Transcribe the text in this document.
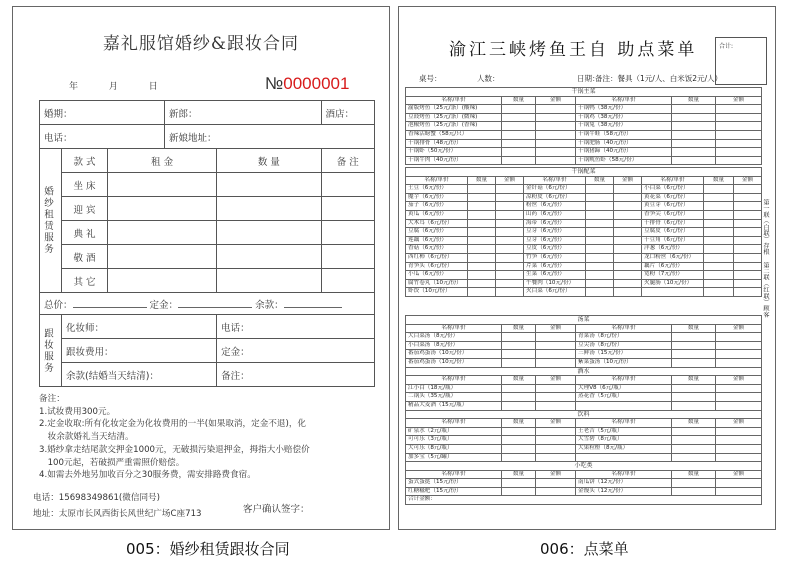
嘉礼服馆婚纱&跟妆合同
年	月	日	№0000001
婚期：			新郎：		酒店：
电话：			新娘地址：		

婚纱租赁服务	款 式	租 金		数 量	备 注
	坐 床				
	迎 宾				
	典 礼				
	敬 酒				
	其 它				
总价： 定金： 余款：					

跟妆服务	化妆师：			电话：	
	跟妆费用：			定金：	
	余款(结婚当天结清)：			备注：	
备注：
1.试妆费用300元。
2.定金收取:所有化妆定金为化妆费用的一半(如果取消，定金不退)，化
　妆余款婚礼当天结清。
3.婚纱拿走结尾款交押金1000元，无破损污染退押金，拇指大小赔偿价
　100元起，若破损严重需照价赔偿。
4.如需去外地另加收百分之30服务费，需安排路费食宿。
电话：15698349861(微信同号)
地址：太原市长风西街长风世纪广场C座713	客户确认签字：
渝江三峡烤鱼王自 助点菜单	合计:
桌号：	人数：	日期：
备注：餐具（1元/人、白米饭2元/人）
干锅主菜					
名称/单价	数量	金额	名称/单价	数量	金额
渝版烤鱼（25元/条）(酸辣)			干锅鸭（38元/份）		
豆豉烤鱼（25元/条）(微辣)			干锅鸡（38元/份）		
泡椒烤鱼（25元/条）(香辣)			干锅兔（38元/份）		
香辣活螃蟹（58元/只）			干锅牛蛙（58元/份）		
干锅排骨（48元/份）			干锅肥肠（40元/份）		
干锅虾（50元/份）			干锅猪蹄（40元/份）		
干锅牛肉（40元/份）			干锅鱿鱼虾（58元/份）		
干锅配菜								
名称/单价	数量	金额	名称/单价	数量	金额	名称/单价	数量	金额
土豆（6元/份）			金针菇（6元/份）			小白菜（6元/份）		
魔芋（6元/份）			凉粉皮（6元/份）			黄花菜（6元/份）		
茄子（6元/份）			粉丝（6元/份）			黄豆芽（6元/份）		
黄瓜（6元/份）			山药（6元/份）			香笋尖（6元/份）		
大木耳（6元/份）			海带（6元/份）			干排骨（6元/份）		
豆腐（6元/份）			豆芽（6元/份）			豆腐皮（6元/份）		
莲藕（6元/份）			豆芽（6元/份）			干豆角（6元/份）		
香菇（6元/份）			豆皮（6元/份）			洋葱（6元/份）		
西红柿（6元/份）			竹笋（6元/份）			龙口粉丝（6元/份）		
青笋头（6元/份）			芹菜（6元/份）			藕片（6元/份）		
小瓜（6元/份）			生菜（6元/份）			宽粉（7元/份）		
腐竹卷丸（10元/份）			午餐肉（10元/份）			火腿肠（10元/份）		
虾饺（10元/份）			火白菜（6元/份）					
汤菜					
名称/单价	数量	金额	名称/单价	数量	金额
大白菜汤（8元/份）			青菜汤（8元/份）		
小白菜汤（8元/份）			豆尖汤（8元/份）		
番茄鸡蛋汤（10元/份）			三鲜汤（15元/份）		
番茄鸡蛋汤（10元/份）			紫菜蛋汤（10元/份）		
酒水					
名称/单价	数量	金额	名称/单价	数量	金额
江小白（18元/瓶）			大理V8（6元/瓶）		
二锅头（35元/瓶）			蒸花香（5元/瓶）		
精品大麦酒（15元/瓶）					
饮料					
名称/单价	数量	金额	名称/单价	数量	金额
矿泉水（2元/瓶）			王老吉（5元/瓶）		
可可乐（3元/瓶）			大雪碧（8元/瓶）		
大可乐（8元/瓶）			大果粒橙（8元/瓶）		
加多宝（5元/罐）					
小吃类					
名称/单价	数量	金额	名称/单价	数量	金额
蛋式蛋挞（15元/份）			南瓜饼（12元/份）		
红糖糍粑（15元/份）			金馒头（12元/份）		
合计金额：					
第一联（白联）存根 第二联（红联）顾客
005：婚纱租赁跟妆合同	006：点菜单
